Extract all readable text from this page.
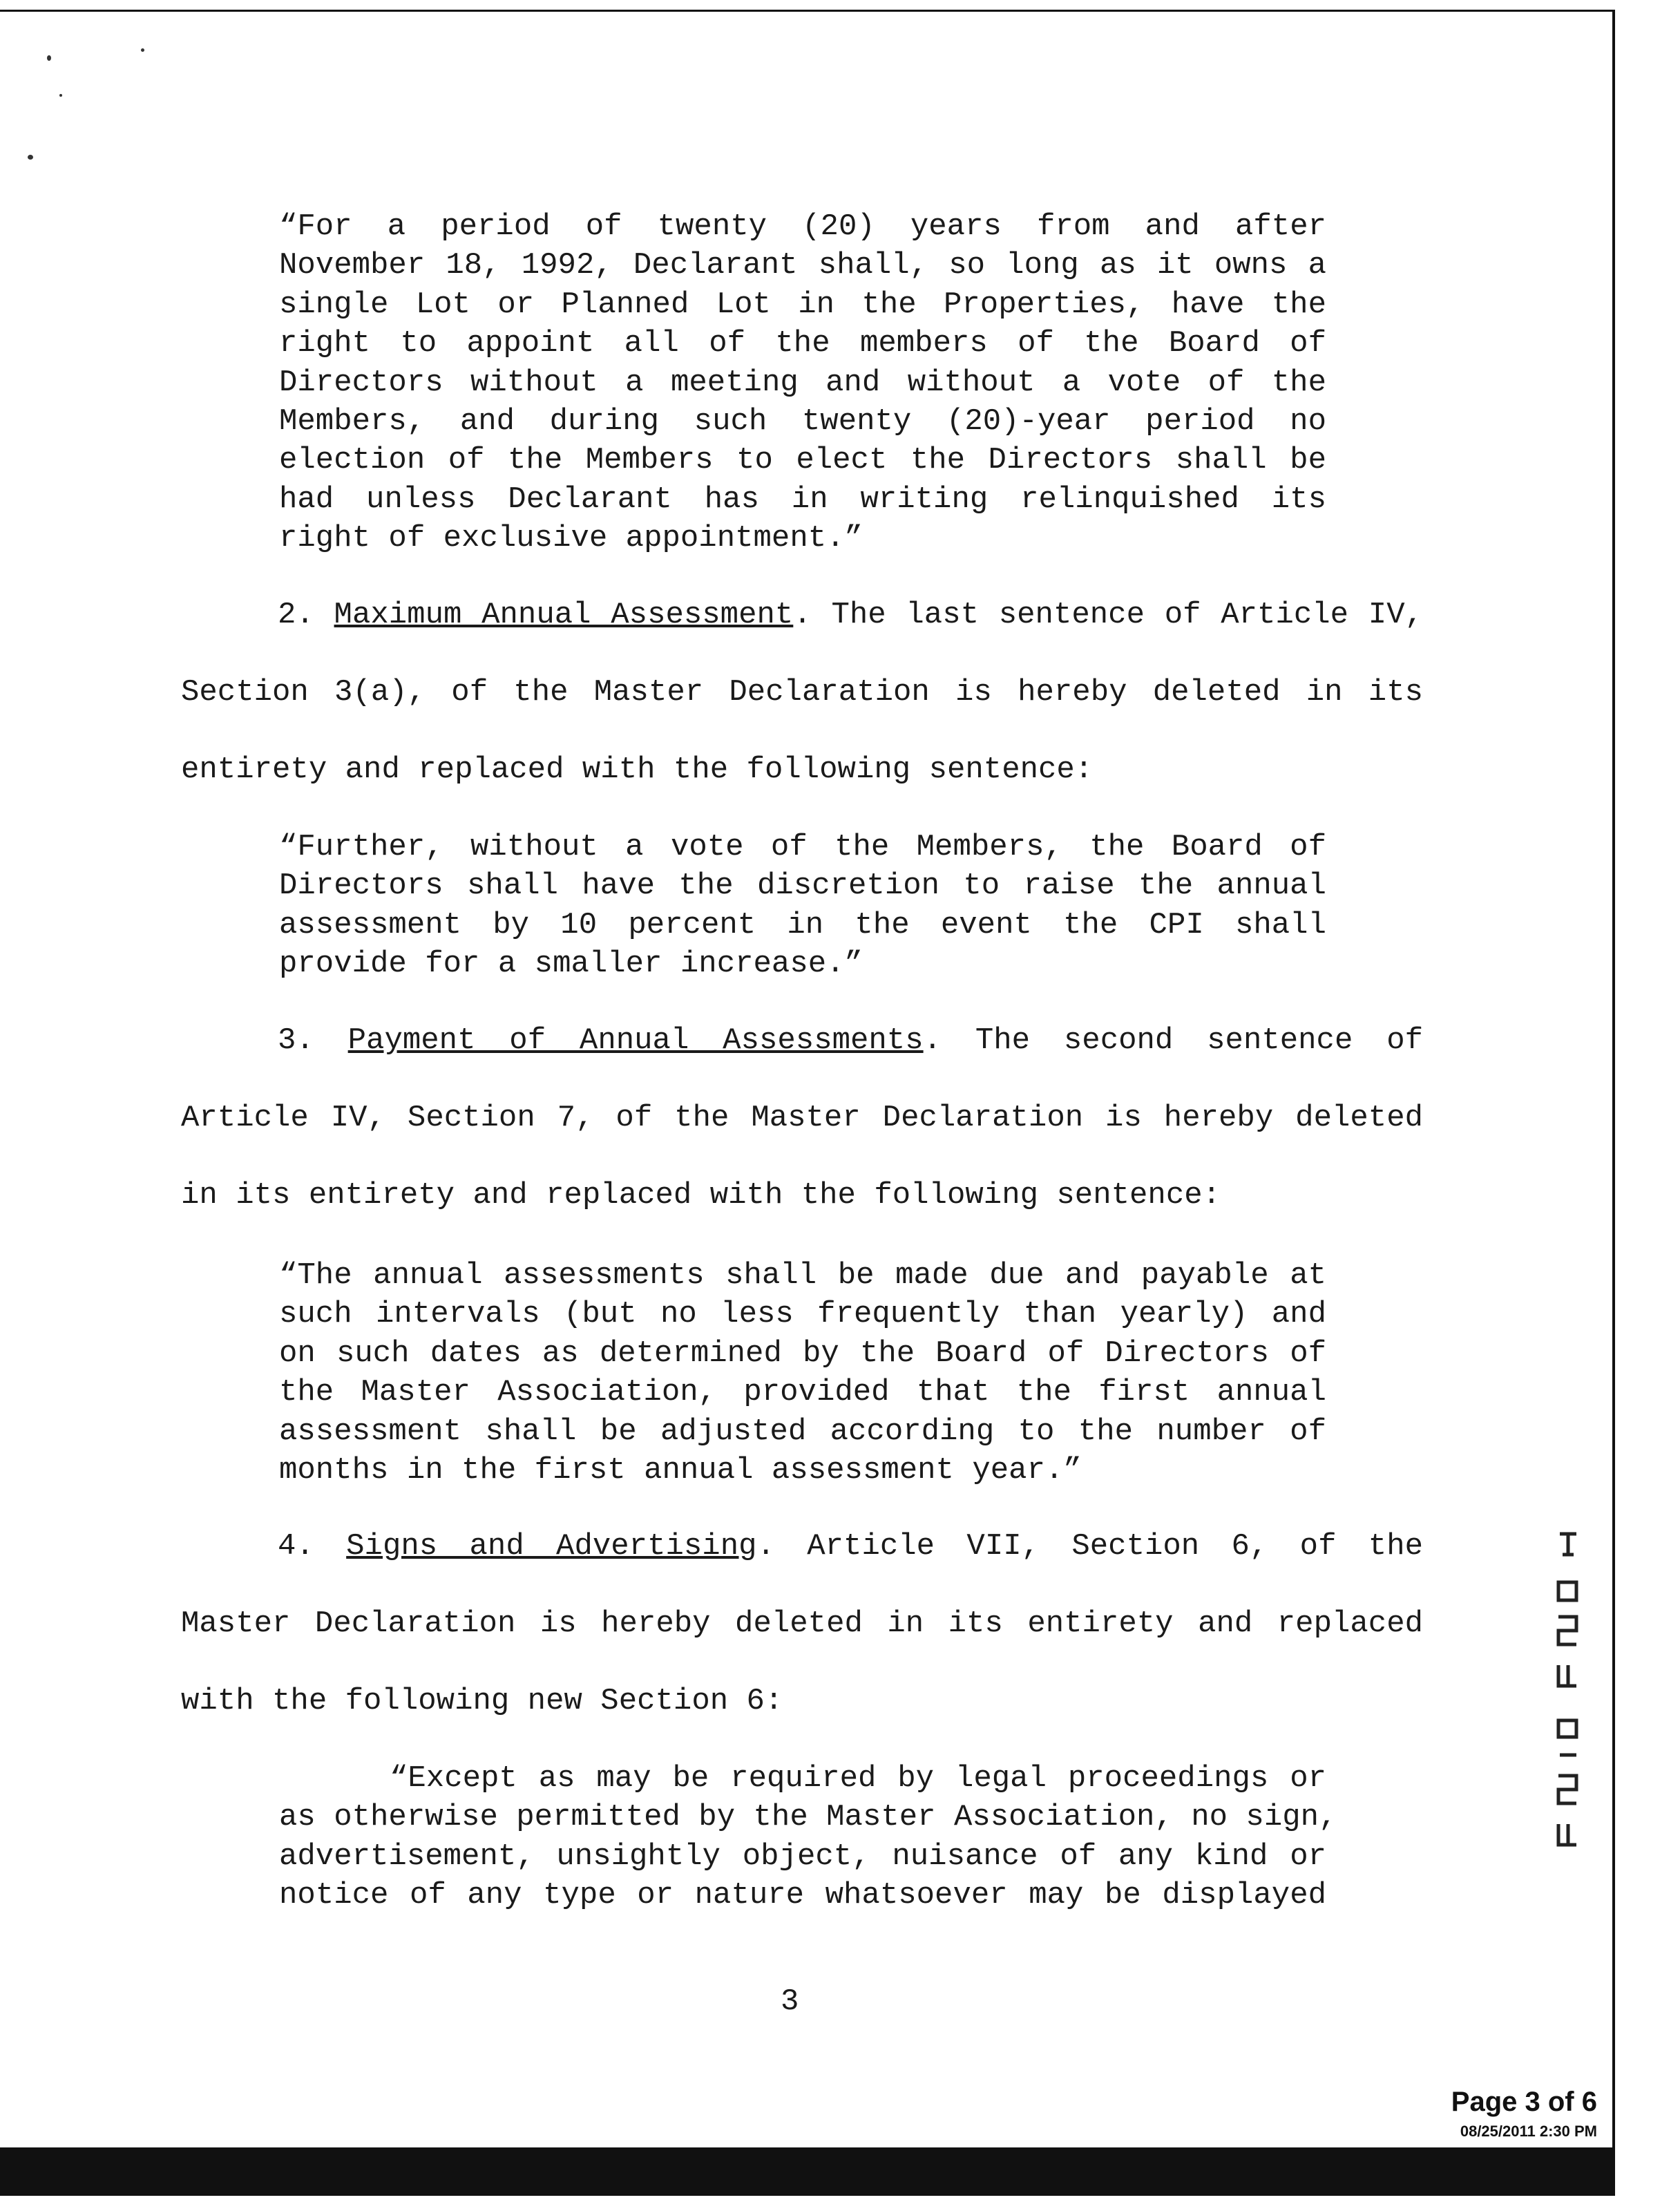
“For a period of twenty (20) years from and after
November 18, 1992, Declarant shall, so long as it owns a
single Lot or Planned Lot in the Properties, have the
right to appoint all of the members of the Board of
Directors without a meeting and without a vote of the
Members, and during such twenty (20)-year period no
election of the Members to elect the Directors shall be
had unless Declarant has in writing relinquished its
right of exclusive appointment.”
2. Maximum Annual Assessment. The last sentence of Article IV,
Section 3(a), of the Master Declaration is hereby deleted in its
entirety and replaced with the following sentence:
“Further, without a vote of the Members, the Board of
Directors shall have the discretion to raise the annual
assessment by 10 percent in the event the CPI shall
provide for a smaller increase.”
3. Payment of Annual Assessments. The second sentence of
Article IV, Section 7, of the Master Declaration is hereby deleted
in its entirety and replaced with the following sentence:
“The annual assessments shall be made due and payable at
such intervals (but no less frequently than yearly) and
on such dates as determined by the Board of Directors of
the Master Association, provided that the first annual
assessment shall be adjusted according to the number of
months in the first annual assessment year.”
4. Signs and Advertising. Article VII, Section 6, of the
Master Declaration is hereby deleted in its entirety and replaced
with the following new Section 6:
“Except as may be required by legal proceedings or
as otherwise permitted by the Master Association, no sign,
advertisement, unsightly object, nuisance of any kind or
notice of any type or nature whatsoever may be displayed
3
Page 3 of 6
08/25/2011 2:30 PM
